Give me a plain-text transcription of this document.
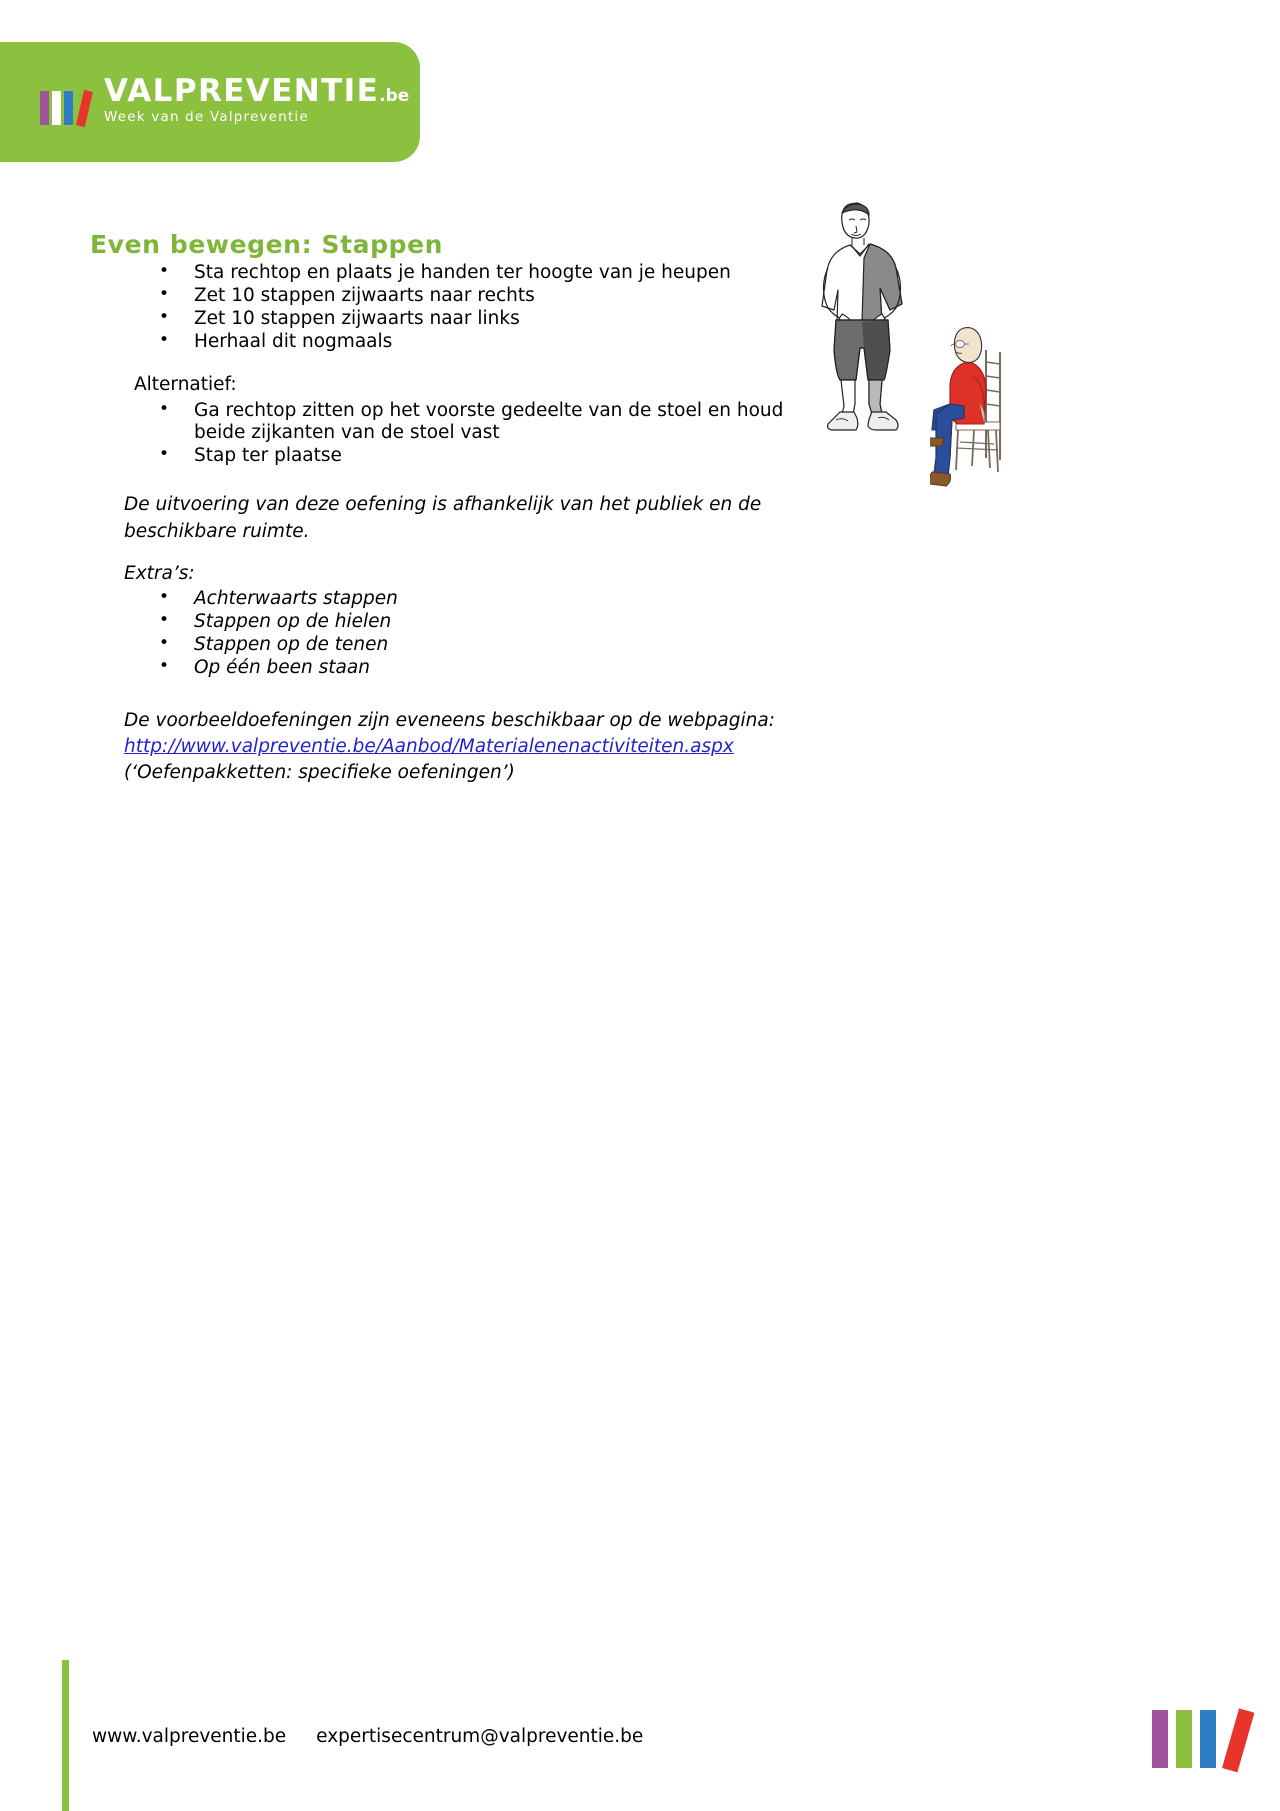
VALPREVENTIE.be
Week van de Valpreventie
Even bewegen: Stappen
• Sta rechtop en plaats je handen ter hoogte van je heupen
• Zet 10 stappen zijwaarts naar rechts
• Zet 10 stappen zijwaarts naar links
• Herhaal dit nogmaals
Alternatief:
• Ga rechtop zitten op het voorste gedeelte van de stoel en houd beide zijkanten van de stoel vast
• Stap ter plaatse

De uitvoering van deze oefening is afhankelijk van het publiek en de beschikbare ruimte.

Extra’s:
• Achterwaarts stappen
• Stappen op de hielen
• Stappen op de tenen
• Op één been staan
De voorbeeldoefeningen zijn eveneens beschikbaar op de webpagina:
http://www.valpreventie.be/Aanbod/Materialenenactiviteiten.aspx
(‘Oefenpakketten: specifieke oefeningen’)
www.valpreventie.be expertisecentrum@valpreventie.be
